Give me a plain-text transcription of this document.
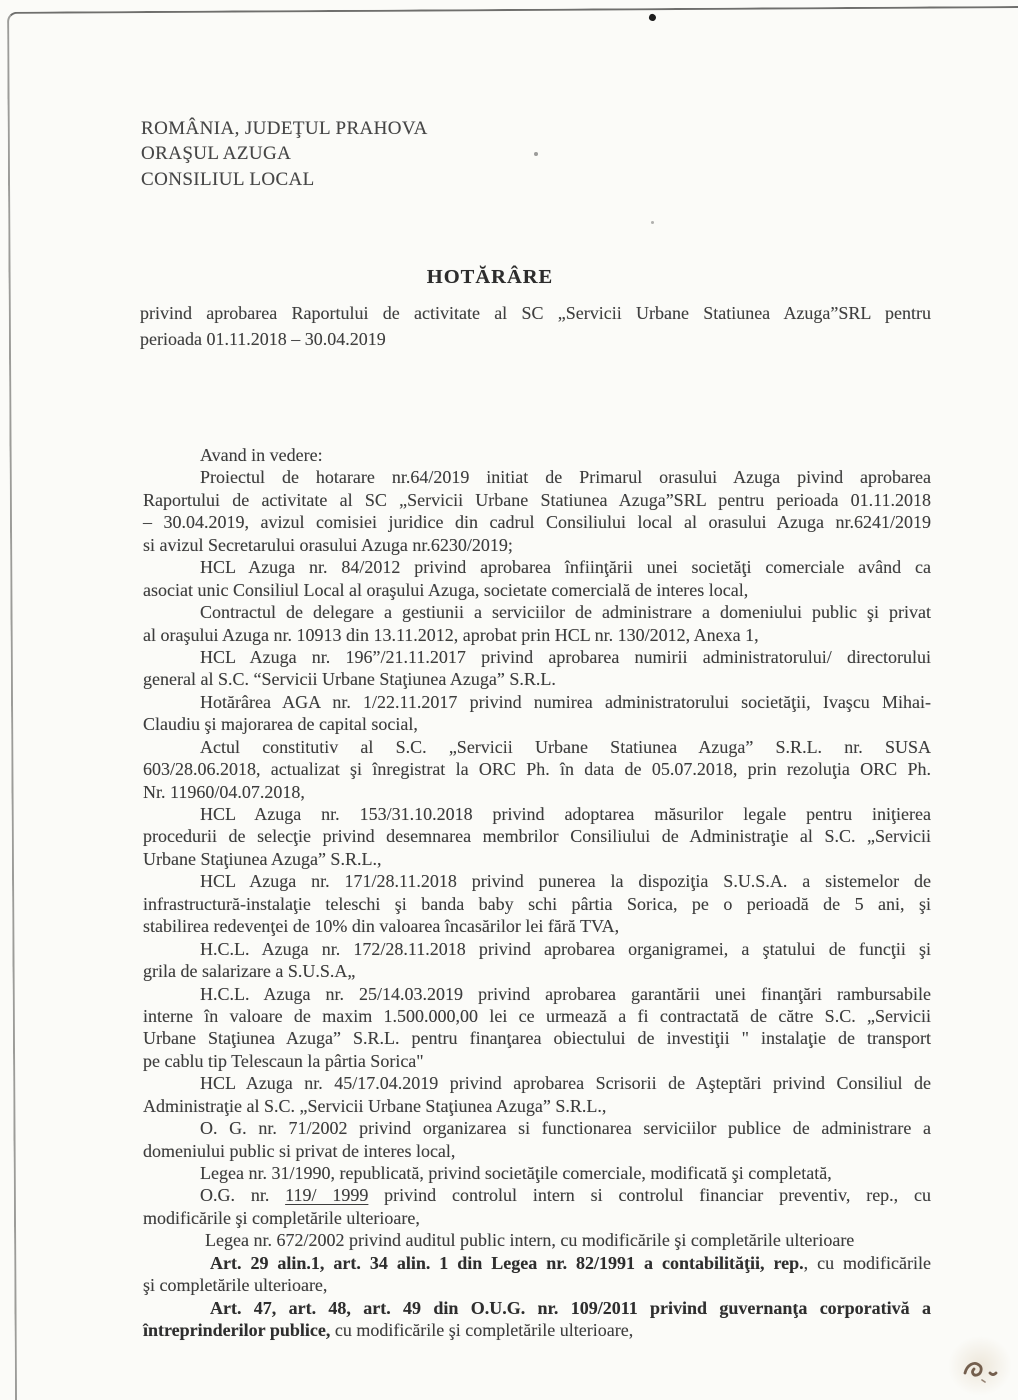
ROMÂNIA, JUDEŢUL PRAHOVA
ORAŞUL AZUGA
CONSILIUL LOCAL
HOTĂRÂRE
privind aprobarea Raportului de activitate al SC „Servicii Urbane Statiunea Azuga”SRL pentru
perioada 01.11.2018 – 30.04.2019
Avand in vedere:
Proiectul de hotarare nr.64/2019 initiat de Primarul orasului Azuga pivind aprobarea
Raportului de activitate al SC „Servicii Urbane Statiunea Azuga”SRL pentru perioada 01.11.2018
– 30.04.2019, avizul comisiei juridice din cadrul Consiliului local al orasului Azuga nr.6241/2019
si avizul Secretarului orasului Azuga nr.6230/2019;
HCL Azuga nr. 84/2012 privind aprobarea înfiinţării unei societăţi comerciale având ca
asociat unic Consiliul Local al oraşului Azuga, societate comercială de interes local,
Contractul de delegare a gestiunii a serviciilor de administrare a domeniului public şi privat
al oraşului Azuga nr. 10913 din 13.11.2012, aprobat prin HCL nr. 130/2012, Anexa 1,
HCL Azuga nr. 196”/21.11.2017 privind aprobarea numirii administratorului/ directorului
general al S.C. “Servicii Urbane Staţiunea Azuga” S.R.L.
Hotărârea AGA nr. 1/22.11.2017 privind numirea administratorului societăţii, Ivaşcu Mihai-
Claudiu şi majorarea de capital social,
Actul constitutiv al S.C. „Servicii Urbane Statiunea Azuga” S.R.L. nr. SUSA
603/28.06.2018, actualizat şi înregistrat la ORC Ph. în data de 05.07.2018, prin rezoluţia ORC Ph.
Nr. 11960/04.07.2018,
HCL Azuga nr. 153/31.10.2018 privind adoptarea măsurilor legale pentru iniţierea
procedurii de selecţie privind desemnarea membrilor Consiliului de Administraţie al S.C. „Servicii
Urbane Staţiunea Azuga” S.R.L.,
HCL Azuga nr. 171/28.11.2018 privind punerea la dispoziţia S.U.S.A. a sistemelor de
infrastructură-instalaţie teleschi şi banda baby schi pârtia Sorica, pe o perioadă de 5 ani, şi
stabilirea redevenţei de 10% din valoarea încasărilor lei fără TVA,
H.C.L. Azuga nr. 172/28.11.2018 privind aprobarea organigramei, a ştatului de funcţii şi
grila de salarizare a S.U.S.A„
H.C.L. Azuga nr. 25/14.03.2019 privind aprobarea garantării unei finanţări rambursabile
interne în valoare de maxim 1.500.000,00 lei ce urmează a fi contractată de către S.C. „Servicii
Urbane Staţiunea Azuga” S.R.L. pentru finanţarea obiectului de investiţii " instalaţie de transport
pe cablu tip Telescaun la pârtia Sorica"
HCL Azuga nr. 45/17.04.2019 privind aprobarea Scrisorii de Aşteptări privind Consiliul de
Administraţie al S.C. „Servicii Urbane Staţiunea Azuga” S.R.L.,
O. G. nr. 71/2002 privind organizarea si functionarea serviciilor publice de administrare a
domeniului public si privat de interes local,
Legea nr. 31/1990, republicată, privind societăţile comerciale, modificată şi completată,
O.G. nr. 119/ 1999 privind controlul intern si controlul financiar preventiv, rep., cu
modificările şi completările ulterioare,
Legea nr. 672/2002 privind auditul public intern, cu modificările şi completările ulterioare
Art. 29 alin.1, art. 34 alin. 1 din Legea nr. 82/1991 a contabilităţii, rep., cu modificările
şi completările ulterioare,
Art. 47, art. 48, art. 49 din O.U.G. nr. 109/2011 privind guvernanţa corporativă a
întreprinderilor publice, cu modificările şi completările ulterioare,
